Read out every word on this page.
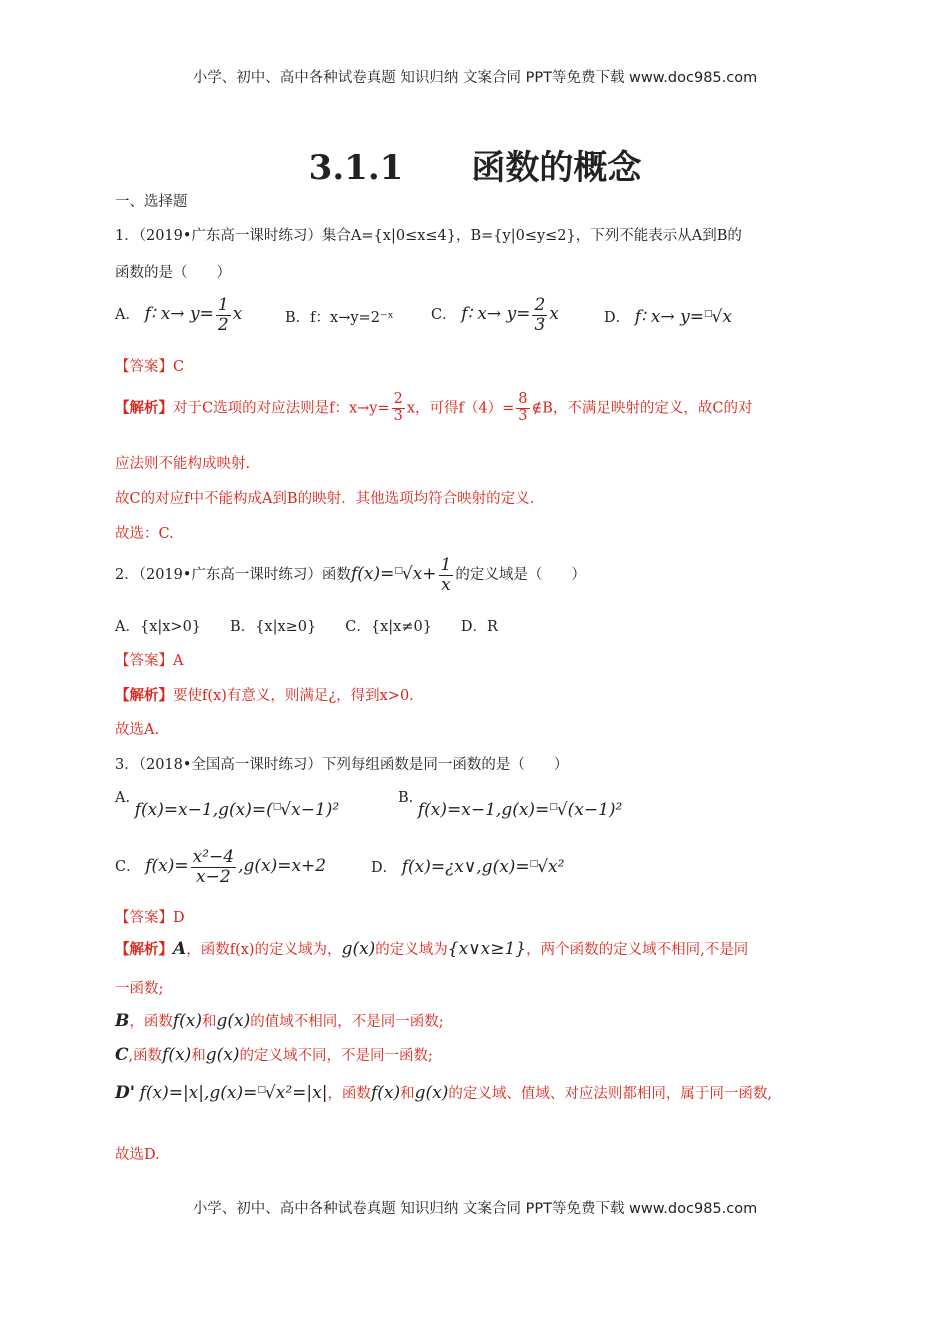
小学、初中、高中各种试卷真题 知识归纳 文案合同 PPT等免费下载 www.doc985.com
小学、初中、高中各种试卷真题 知识归纳 文案合同 PPT等免费下载 www.doc985.com
3.1.1　　函数的概念
一、选择题
1．（2019•广东高一课时练习）集合A={x|0≤x≤4}，B={y|0≤y≤2}，下列不能表示从A到B的
函数的是（　　）
A． f∶ $x\to y= \frac{1}{2}$ x	B．f：x→y=2⁻ˣ	C． f∶ $x\to y= \frac{2}{3}$ x	D． f∶ x→ y=□√x
【答案】C
【解析】对于C选项的对应法则是f：$x\to y= \frac{2}{3}$ x，可得$f(4)= \frac{8}{3}$ ∉B，不满足映射的定义，故C的对
应法则不能构成映射.
故C的对应f中不能构成A到B的映射．其他选项均符合映射的定义.
故选：C.
2．（2019•广东高一课时练习）函数f(x)=□√x+ $\frac{1}{x}$ 的定义域是（　　）
A．{x|x>0}　　B．{x|x≥0}　　C．{x|x≠0}　　D．R
【答案】A
【解析】要使f(x)有意义，则满足¿，得到x>0.
故选A.
3．（2018•全国高一课时练习）下列每组函数是同一函数的是（　　）
A. f(x)=x−1,g(x)=(□√x−1)²
B. f(x)=x−1,g(x)=□√(x−1)²
C． $f(x)= \frac{\text{x²−4}}{x-2} ,g(x)=x+2$	D． f(x)=¿x∨,g(x)=□√x²
【答案】D
【解析】A，函数f(x)的定义域为，g(x)的定义域为{x∨x≥1}，两个函数的定义域不相同,不是同
一函数;
B，函数f(x)和g(x)的值域不相同，不是同一函数;
C,函数f(x)和g(x)的定义域不同，不是同一函数;
D' f(x)=|x|,g(x)=□√x²=|x|，函数f(x)和g(x)的定义域、值域、对应法则都相同，属于同一函数,
故选D.
